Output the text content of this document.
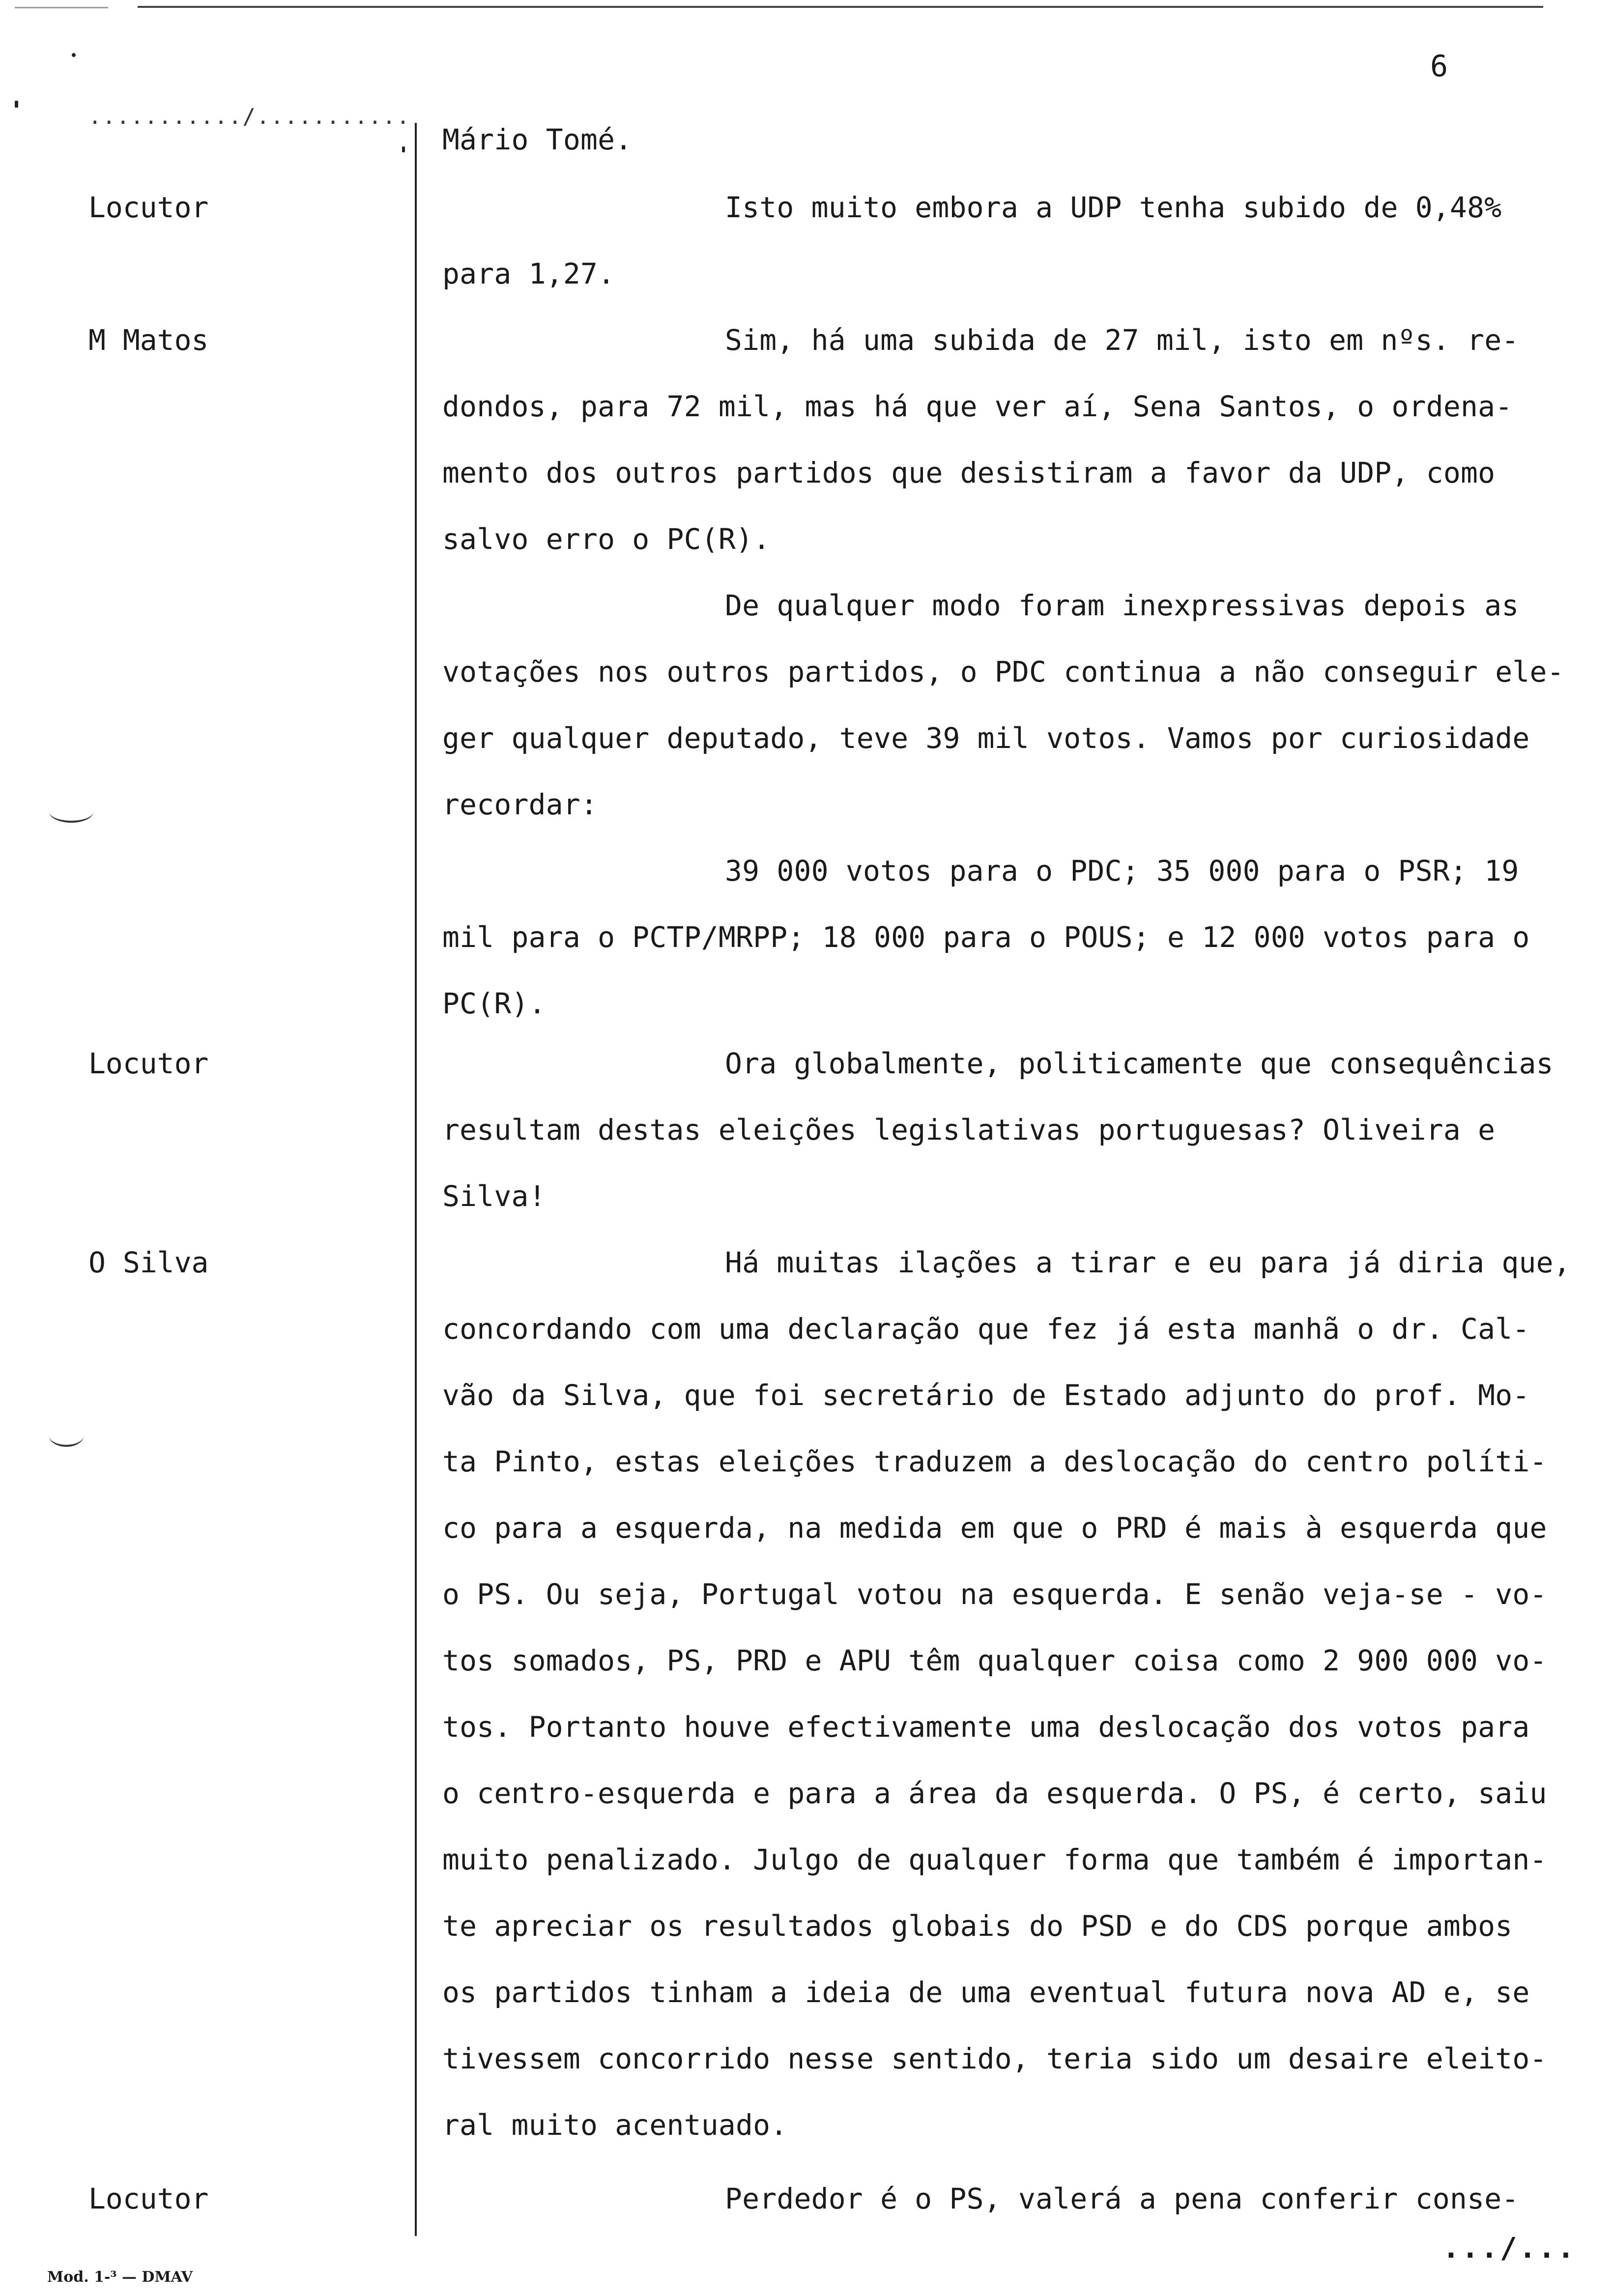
6
.........../...........
Locutor
M Matos
Locutor
O Silva
Locutor
Mário Tomé.
Isto muito embora a UDP tenha subido de 0,48%
para 1,27.
Sim, há uma subida de 27 mil, isto em nºs. re-
dondos, para 72 mil, mas há que ver aí, Sena Santos, o ordena-
mento dos outros partidos que desistiram a favor da UDP, como
salvo erro o PC(R).
De qualquer modo foram inexpressivas depois as
votações nos outros partidos, o PDC continua a não conseguir ele-
ger qualquer deputado, teve 39 mil votos. Vamos por curiosidade
recordar:
39 000 votos para o PDC; 35 000 para o PSR; 19
mil para o PCTP/MRPP; 18 000 para o POUS; e 12 000 votos para o
PC(R).
Ora globalmente, politicamente que consequências
resultam destas eleições legislativas portuguesas? Oliveira e
Silva!
Há muitas ilações a tirar e eu para já diria que,
concordando com uma declaração que fez já esta manhã o dr. Cal-
vão da Silva, que foi secretário de Estado adjunto do prof. Mo-
ta Pinto, estas eleições traduzem a deslocação do centro políti-
co para a esquerda, na medida em que o PRD é mais à esquerda que
o PS. Ou seja, Portugal votou na esquerda. E senão veja-se - vo-
tos somados, PS, PRD e APU têm qualquer coisa como 2 900 000 vo-
tos. Portanto houve efectivamente uma deslocação dos votos para
o centro-esquerda e para a área da esquerda. O PS, é certo, saiu
muito penalizado. Julgo de qualquer forma que também é importan-
te apreciar os resultados globais do PSD e do CDS porque ambos
os partidos tinham a ideia de uma eventual futura nova AD e, se
tivessem concorrido nesse sentido, teria sido um desaire eleito-
ral muito acentuado.
Perdedor é o PS, valerá a pena conferir conse-
.../...
Mod. 1-³ — DMAV
